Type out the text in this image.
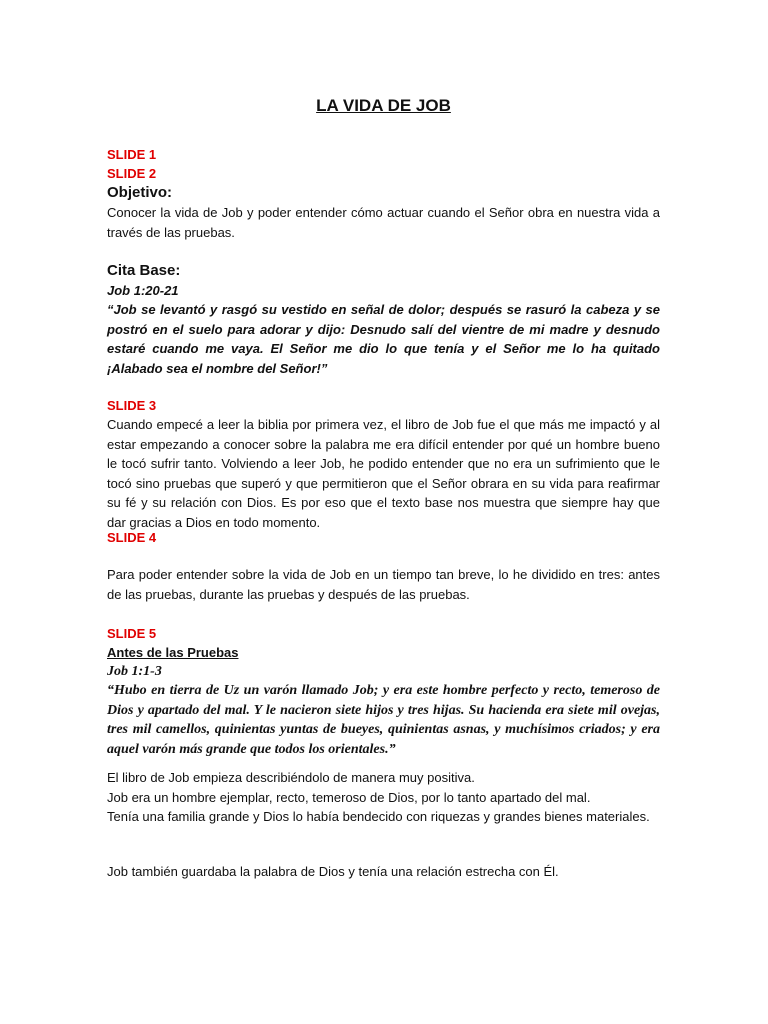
LA VIDA DE JOB
SLIDE 1
SLIDE 2
Objetivo:
Conocer la vida de Job y poder entender cómo actuar cuando el Señor obra en nuestra vida a través de las pruebas.
Cita Base:
Job 1:20-21
“Job se levantó y rasgó su vestido en señal de dolor; después se rasuró la cabeza y se postró en el suelo para adorar y dijo: Desnudo salí del vientre de mi madre y desnudo estaré cuando me vaya. El Señor me dio lo que tenía y el Señor me lo ha quitado ¡Alabado sea el nombre del Señor!”
SLIDE 3
Cuando empecé a leer la biblia por primera vez, el libro de Job fue el que más me impactó y al estar empezando a conocer sobre la palabra me era difícil entender por qué un hombre bueno le tocó sufrir tanto. Volviendo a leer Job, he podido entender que no era un sufrimiento que le tocó sino pruebas que superó y que permitieron que el Señor obrara en su vida para reafirmar su fé y su relación con Dios. Es por eso que el texto base nos muestra que siempre hay que dar gracias a Dios en todo momento.
SLIDE 4
Para poder entender sobre la vida de Job en un tiempo tan breve, lo he dividido en tres: antes de las pruebas, durante las pruebas y después de las pruebas.
SLIDE 5
Antes de las Pruebas
Job 1:1-3
“Hubo en tierra de Uz un varón llamado Job; y era este hombre perfecto y recto, temeroso de Dios y apartado del mal. Y le nacieron siete hijos y tres hijas. Su hacienda era siete mil ovejas, tres mil camellos, quinientas yuntas de bueyes, quinientas asnas, y muchísimos criados; y era aquel varón más grande que todos los orientales.”
El libro de Job empieza describiéndolo de manera muy positiva.
Job era un hombre ejemplar, recto, temeroso de Dios, por lo tanto apartado del mal.
Tenía una familia grande y Dios lo había bendecido con riquezas y grandes bienes materiales.
Job también guardaba la palabra de Dios y tenía una relación estrecha con Él.
